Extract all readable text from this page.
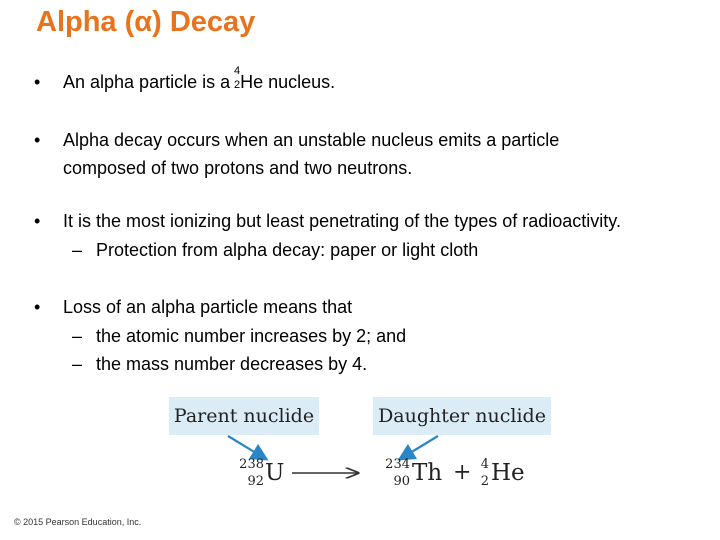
Alpha (α) Decay
• An alpha particle is a
4
2 He nucleus.
• Alpha decay occurs when an unstable nucleus emits a particle
composed of two protons and two neutrons.
• It is the most ionizing but least penetrating of the types of radioactivity.
– Protection from alpha decay: paper or light cloth
• Loss of an alpha particle means that
– the atomic number increases by 2; and
– the mass number decreases by 4.
Parent nuclide	Daughter nuclide
238
92 U	234
90 Th + 4
2 He
© 2015 Pearson Education, Inc.
